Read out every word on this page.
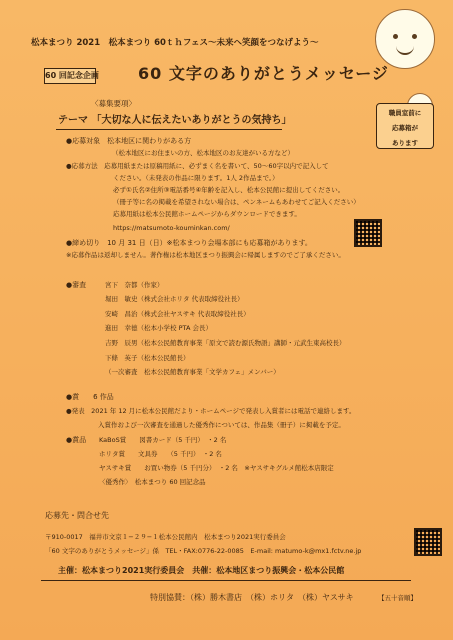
松本まつり 2021　松本まつり 60ｔｈフェス〜未来へ笑顔をつなげよう〜
60 回記念企画 60 文字のありがとうメッセージ
職員室前に
応募箱が
あります
〈募集要項〉
テーマ 「大切な人に伝えたいありがとうの気持ち」
●応募対象　松本地区に関わりがある方
（松本地区にお住まいの方、松本地区のお友達がいる方など）
●応募方法　応募用紙または原稿用紙に、必ずまく名を書いて、50〜60字以内で記入して
ください。（未発表の作品に限ります。1人 2作品まで。）
必ず①氏名②住所③電話番号④年齢を記入し、松本公民館に提出してください。
（冊子等に名の掲載を希望されない場合は、ペンネームもあわせてご記入ください）
応募用紙は松本公民館ホームページからダウンロードできます。
https://matsumoto-kouminkan.com/
●締め切り　10 月 31 日（日）※松本まつり会場本部にも応募箱があります。
※応募作品は返却しません。著作権は松本地区まつり振興会に帰属しますのでご了承ください。
●審査	宮下　奈都（作家）
堀田　敏史（株式会社ホリタ 代表取締役社長）
安崎　昌治（株式会社ヤスサキ 代表取締役社長）
進田　幸德（松本小学校 PTA 会長）
吉野　辰男（松本公民館教育事業「原文で読む源氏物語」講師・元武生東高校長）
下條　英子（松本公民館長）
（一次審査　松本公民館教育事業「文学カフェ」メンバー）
●賞　　6 作品
●発表　2021 年 12 月に松本公民館だより・ホームページで発表し入賞者には電話で連絡します。
入賞作および一次審査を通過した優秀作については、作品集（冊子）に掲載を予定。
●賞品 KaBoS賞　　図書カード（5 千円）　・2 名
ホリタ賞　　文具券　　（5 千円）　・2 名
ヤスサキ賞　　お買い物券（5 千円分）　・2 名　※ヤスサキグルメ館松本店限定
〈優秀作〉　松本まつり 60 回記念品
応募先・問合せ先
〒910-0017　福井市文京１−２９−１松本公民館内　松本まつり2021実行委員会
「60 文字のありがとうメッセージ」係　TEL・FAX:0776-22-0085　E-mail: matumo-k@mx1.fctv.ne.jp
主催：松本まつり2021実行委員会　共催：松本地区まつり振興会・松本公民館
特別協賛：（株）勝木書店　（株）ホリタ　（株）ヤスサキ	【五十音順】
